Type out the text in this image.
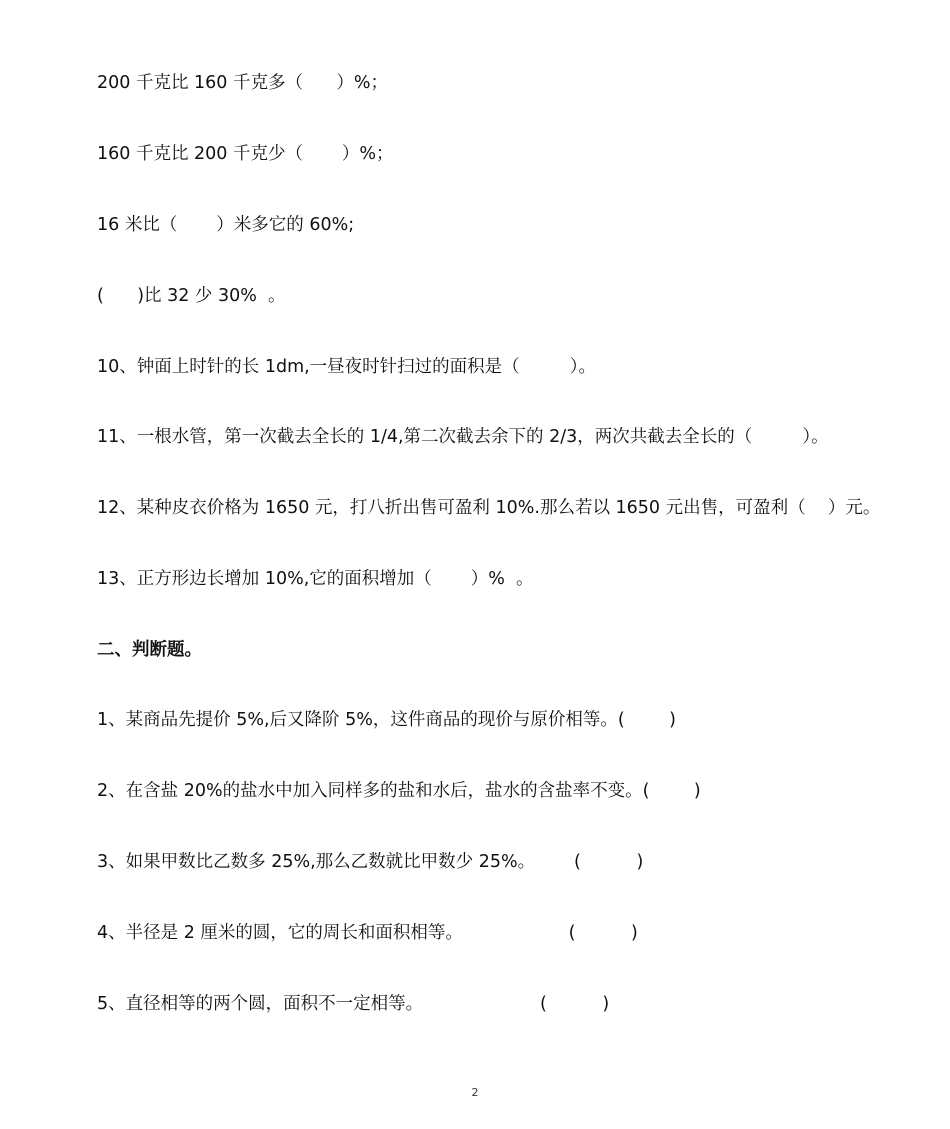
200 千克比 160 千克多（      ）%；
160 千克比 200 千克少（       ）%；
16 米比（       ）米多它的 60%;
(      )比 32 少 30%  。
10、钟面上时针的长 1dm,一昼夜时针扫过的面积是（         ）。
11、一根水管，第一次截去全长的 1/4,第二次截去余下的 2/3，两次共截去全长的（         ）。
12、某种皮衣价格为 1650 元，打八折出售可盈利 10%.那么若以 1650 元出售，可盈利（    ）元。
13、正方形边长增加 10%,它的面积增加（       ）%  。
二、判断题。
1、某商品先提价 5%,后又降阶 5%，这件商品的现价与原价相等。(        )
2、在含盐 20%的盐水中加入同样多的盐和水后，盐水的含盐率不变。(        )
3、如果甲数比乙数多 25%,那么乙数就比甲数少 25%。       (          )
4、半径是 2 厘米的圆，它的周长和面积相等。                   (          )
5、直径相等的两个圆，面积不一定相等。                     (          )
2
